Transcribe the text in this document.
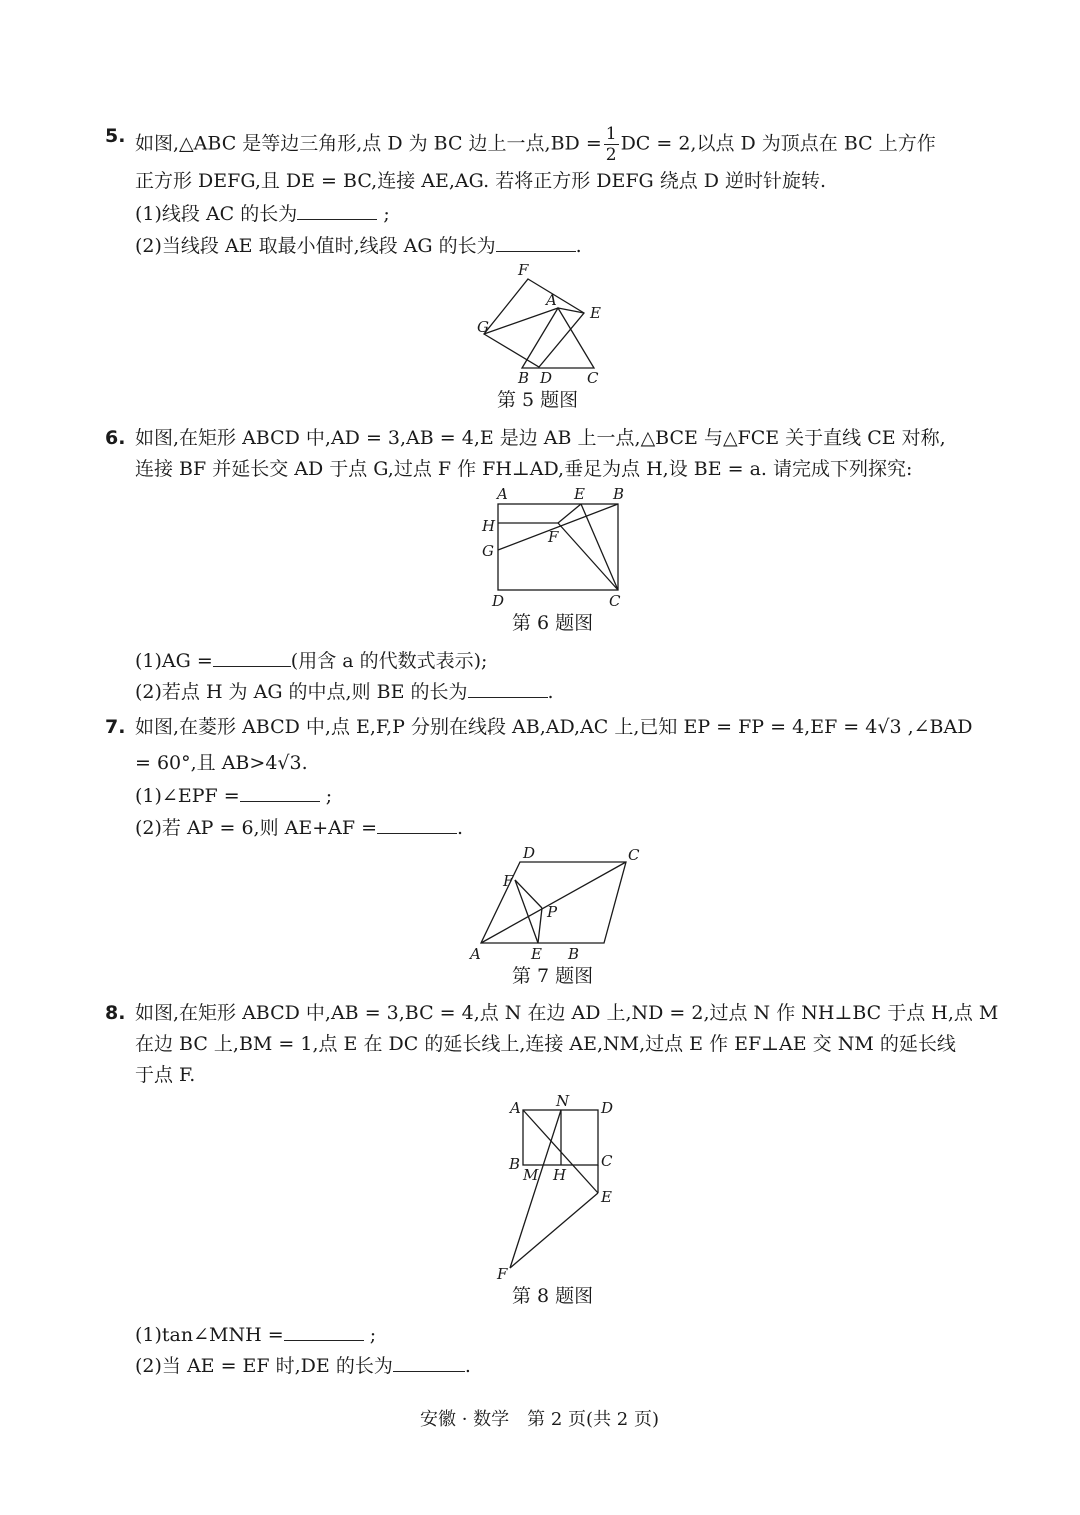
5. 如图,△ABC 是等边三角形,点 D 为 BC 边上一点$,BD = \frac{1}{2}$ DC = 2,以点 D 为顶点在 BC 上方作
正方形 DEFG,且 DE = BC,连接 AE,AG. 若将正方形 DEFG 绕点 D 逆时针旋转.
(1)线段 AC 的长为	;
(2)当线段 AE 取最小值时,线段 AG 的长为	.
F
A
E
G
B D C
A	E B
H
G
F
D	C
D	C
F
P
A	E B
A N D
B
M H
C
E
F
第 5 题图
6. 如图,在矩形 ABCD 中,AD = 3,AB = 4,E 是边 AB 上一点,△BCE 与△FCE 关于直线 CE 对称,
连接 BF 并延长交 AD 于点 G,过点 F 作 FH⊥AD,垂足为点 H,设 BE = a. 请完成下列探究:
第 6 题图
(1)AG =	(用含 a 的代数式表示);
(2)若点 H 为 AG 的中点,则 BE 的长为	.
7. 如图,在菱形 ABCD 中,点 E,F,P 分别在线段 AB,AD,AC 上,已知 EP = FP = 4,EF = 4√3 ,∠BAD
= 60°,且 AB>4√3.
(1)∠EPF =	;
(2)若 AP = 6,则 AE+AF =	.
第 7 题图
8. 如图,在矩形 ABCD 中,AB = 3,BC = 4,点 N 在边 AD 上,ND = 2,过点 N 作 NH⊥BC 于点 H,点 M
在边 BC 上,BM = 1,点 E 在 DC 的延长线上,连接 AE,NM,过点 E 作 EF⊥AE 交 NM 的延长线
于点 F.
第 8 题图
(1)tan∠MNH =	;
(2)当 AE = EF 时,DE 的长为	.
安徽 · 数学　第 2 页(共 2 页)
